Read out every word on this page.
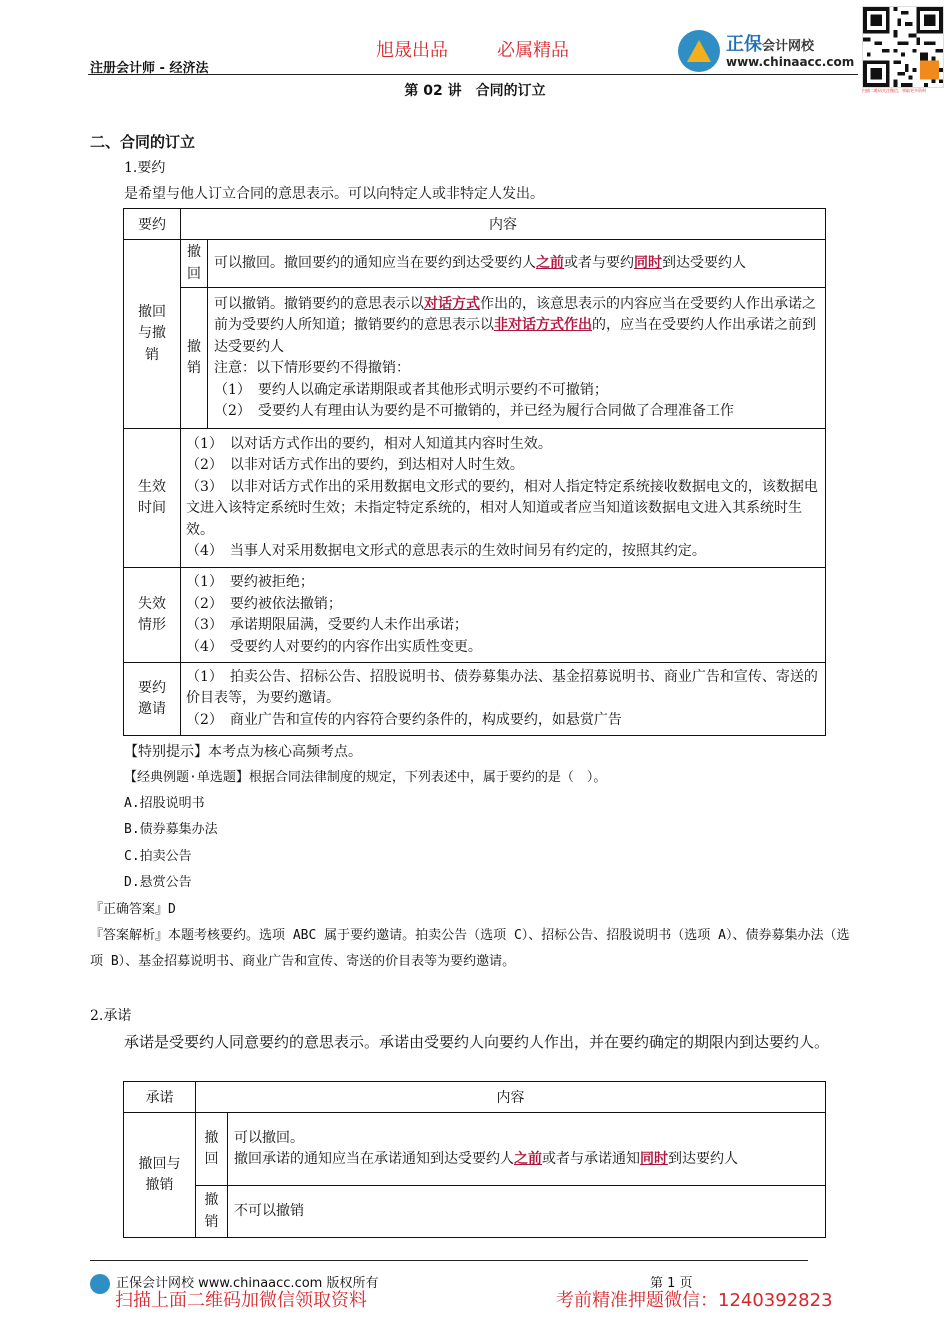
旭晟出品	必属精品
注册会计师 - 经济法
正保会计网校
www.chinaacc.com
扫描二维码关注微信，领取更多资料
第 02 讲　合同的订立
二、合同的订立
1.要约
是希望与他人订立合同的意思表示。可以向特定人或非特定人发出。
要约	内容	
撤回与撤销	撤回	可以撤回。撤回要约的通知应当在要约到达受要约人之前或者与要约同时到达受要约人
	撤销	可以撤销。撤销要约的意思表示以对话方式作出的，该意思表示的内容应当在受要约人作出承诺之前为受要约人所知道；撤销要约的意思表示以非对话方式作出的，应当在受要约人作出承诺之前到达受要约人
注意：以下情形要约不得撤销：
（1）　要约人以确定承诺期限或者其他形式明示要约不可撤销；
（2）　受要约人有理由认为要约是不可撤销的，并已经为履行合同做了合理准备工作

生效时间	（1）　以对话方式作出的要约，相对人知道其内容时生效。
（2）　以非对话方式作出的要约，到达相对人时生效。
（3）　以非对话方式作出的采用数据电文形式的要约，相对人指定特定系统接收数据电文的，该数据电文进入该特定系统时生效；未指定特定系统的，相对人知道或者应当知道该数据电文进入其系统时生效。
（4）　当事人对采用数据电文形式的意思表示的生效时间另有约定的，按照其约定。	

失效情形	（1）　要约被拒绝；
（2）　要约被依法撤销；
（3）　承诺期限届满，受要约人未作出承诺；
（4）　受要约人对要约的内容作出实质性变更。	

要约邀请	（1）　拍卖公告、招标公告、招股说明书、债券募集办法、基金招募说明书、商业广告和宣传、寄送的价目表等，为要约邀请。
（2）　商业广告和宣传的内容符合要约条件的，构成要约，如悬赏广告	
【特别提示】本考点为核心高频考点。
【经典例题·单选题】根据合同法律制度的规定，下列表述中，属于要约的是（　）。
A.招股说明书
B.债券募集办法
C.拍卖公告
D.悬赏公告
『正确答案』D
『答案解析』本题考核要约。选项 ABC 属于要约邀请。拍卖公告（选项 C）、招标公告、招股说明书（选项 A）、债券募集办法（选项 B）、基金招募说明书、商业广告和宣传、寄送的价目表等为要约邀请。
2.承诺
承诺是受要约人同意要约的意思表示。承诺由受要约人向要约人作出，并在要约确定的期限内到达要约人。
承诺	内容	
撤回与撤销	撤回	可以撤回。
撤回承诺的通知应当在承诺通知到达受要约人之前或者与承诺通知同时到达要约人

	撤销	不可以撤销
正保会计网校 www.chinaacc.com 版权所有	第 1 页
扫描上面二维码加微信领取资料	考前精准押题微信：1240392823
